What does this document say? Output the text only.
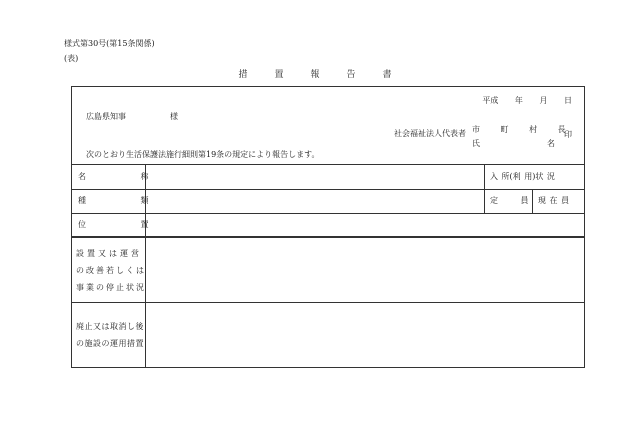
様式第30号(第15条関係)
(表)
措置報告書
平成 年 月 日
広島県知事	様
社会福祉法人代表者 市 町 村 長
氏	名
印
次のとおり生活保護法施行細則第19条の規定により報告します。
名 称
種 類
位 置
設置又は運営
の改善若しくは
事業の停止状況
廃止又は取消し後
の施設の運用措置
入 所(利 用)状 況
定 員 現 在 員
